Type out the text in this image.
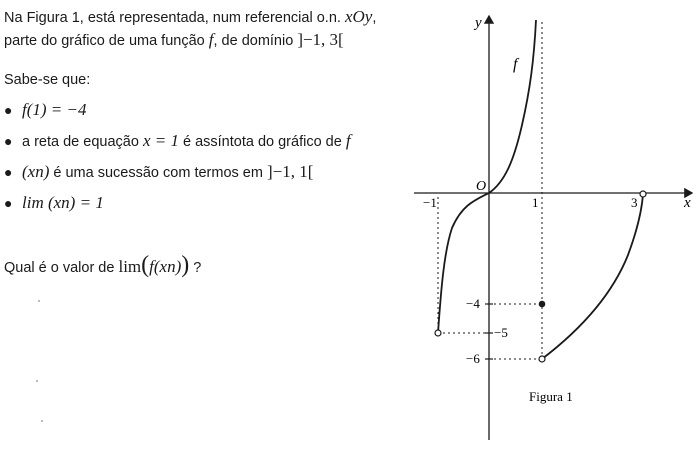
Na Figura 1, está representada, num referencial o.n. xOy,
parte do gráfico de uma função f, de domínio ]−1, 3[
Sabe-se que:
● f(1) = −4
● a reta de equação x = 1 é assíntota do gráfico de f
● (xn) é uma sucessão com termos em ]−1, 1[
● lim (xn) = 1
Qual é o valor de lim(f(xn)) ?
y
x
O
f
−1	1	3
−4
−5
−6
Figura 1
